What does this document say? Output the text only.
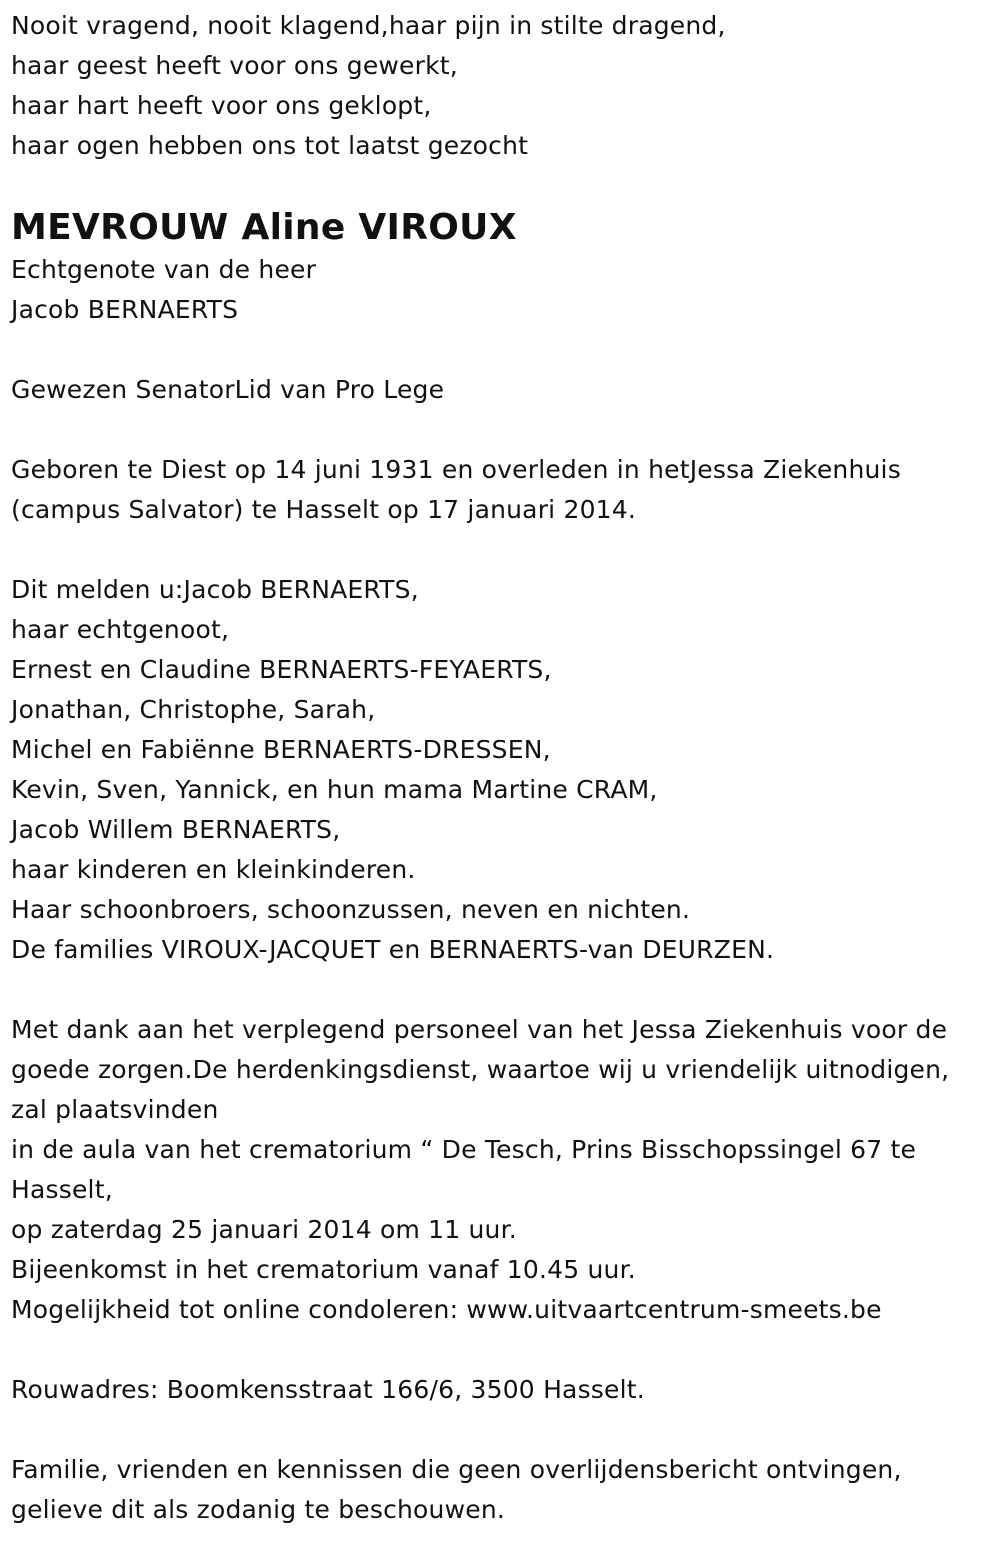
Nooit vragend, nooit klagend,haar pijn in stilte dragend,
haar geest heeft voor ons gewerkt,
haar hart heeft voor ons geklopt,
haar ogen hebben ons tot laatst gezocht
MEVROUW Aline VIROUX
Echtgenote van de heer
Jacob BERNAERTS
Gewezen SenatorLid van Pro Lege
Geboren te Diest op 14 juni 1931 en overleden in hetJessa Ziekenhuis
(campus Salvator) te Hasselt op 17 januari 2014.
Dit melden u:Jacob BERNAERTS,
haar echtgenoot,
Ernest en Claudine BERNAERTS-FEYAERTS,
Jonathan, Christophe, Sarah,
Michel en Fabiënne BERNAERTS-DRESSEN,
Kevin, Sven, Yannick, en hun mama Martine CRAM,
Jacob Willem BERNAERTS,
haar kinderen en kleinkinderen.
Haar schoonbroers, schoonzussen, neven en nichten.
De families VIROUX-JACQUET en BERNAERTS-van DEURZEN.
Met dank aan het verplegend personeel van het Jessa Ziekenhuis voor de
goede zorgen.De herdenkingsdienst, waartoe wij u vriendelijk uitnodigen,
zal plaatsvinden
in de aula van het crematorium “ De Tesch, Prins Bisschopssingel 67 te
Hasselt,
op zaterdag 25 januari 2014 om 11 uur.
Bijeenkomst in het crematorium vanaf 10.45 uur.
Mogelijkheid tot online condoleren: www.uitvaartcentrum-smeets.be
Rouwadres: Boomkensstraat 166/6, 3500 Hasselt.
Familie, vrienden en kennissen die geen overlijdensbericht ontvingen,
gelieve dit als zodanig te beschouwen.
